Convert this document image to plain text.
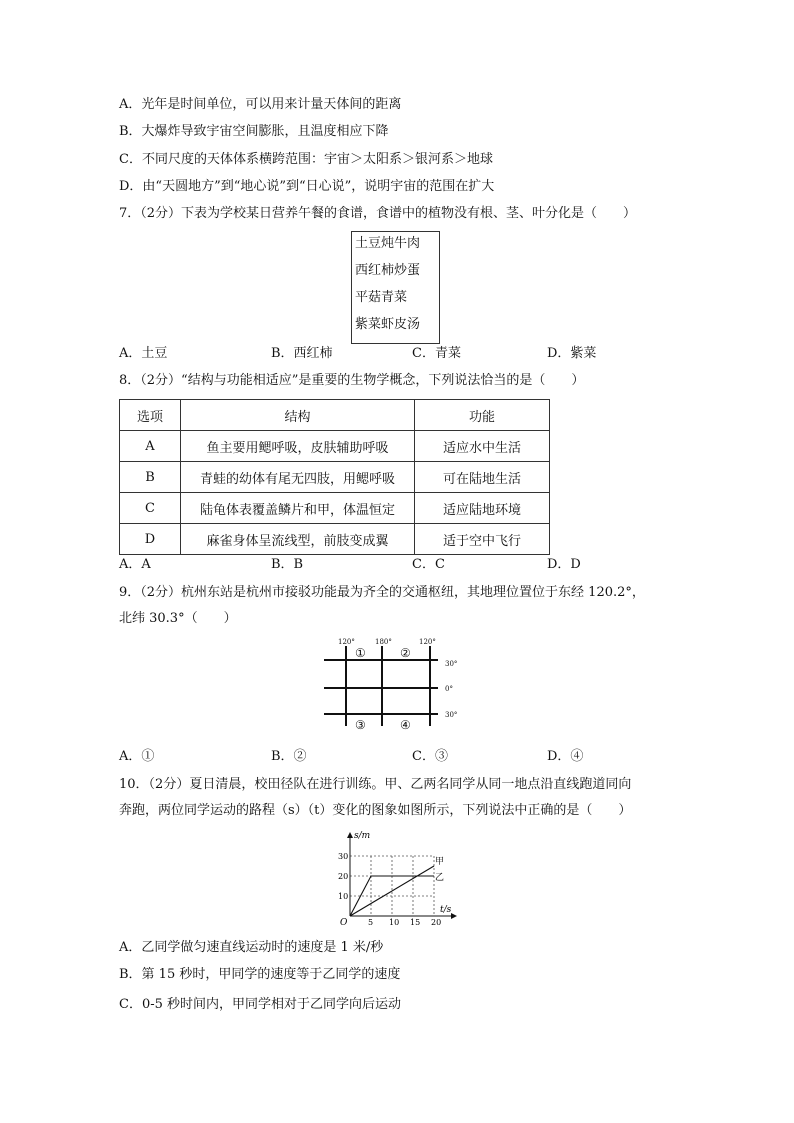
A．光年是时间单位，可以用来计量天体间的距离
B．大爆炸导致宇宙空间膨胀，且温度相应下降
C．不同尺度的天体体系横跨范围：宇宙＞太阳系＞银河系＞地球
D．由“天圆地方”到“地心说”到“日心说”，说明宇宙的范围在扩大
7．（2分）下表为学校某日营养午餐的食谱，食谱中的植物没有根、茎、叶分化是（　　）
土豆炖牛肉
西红柿炒蛋
平菇青菜
紫菜虾皮汤
A．土豆	B．西红柿	C．青菜	D．紫菜
8．（2分）“结构与功能相适应”是重要的生物学概念，下列说法恰当的是（　　）
选项	结构	功能
A	鱼主要用鳃呼吸，皮肤辅助呼吸	适应水中生活
B	青蛙的幼体有尾无四肢，用鳃呼吸	可在陆地生活
C	陆龟体表覆盖鳞片和甲，体温恒定	适应陆地环境
D	麻雀身体呈流线型，前肢变成翼	适于空中飞行
A．A	B．B	C．C	D．D
9．（2分）杭州东站是杭州市接驳功能最为齐全的交通枢纽，其地理位置位于东经 120.2°，
北纬 30.3°（　　）
120°	180°	120°
30°
0°
30°
①	②
③	④
A．①	B．②	C．③	D．④
10．（2分）夏日清晨，校田径队在进行训练。甲、乙两名同学从同一地点沿直线跑道同向
奔跑，两位同学运动的路程（s）（t）变化的图象如图所示，下列说法中正确的是（　　）
s/m
t/s
O	5 10 15 20
10
20
30
甲
乙
A．乙同学做匀速直线运动时的速度是 1 米/秒
B．第 15 秒时，甲同学的速度等于乙同学的速度
C．0-5 秒时间内，甲同学相对于乙同学向后运动
